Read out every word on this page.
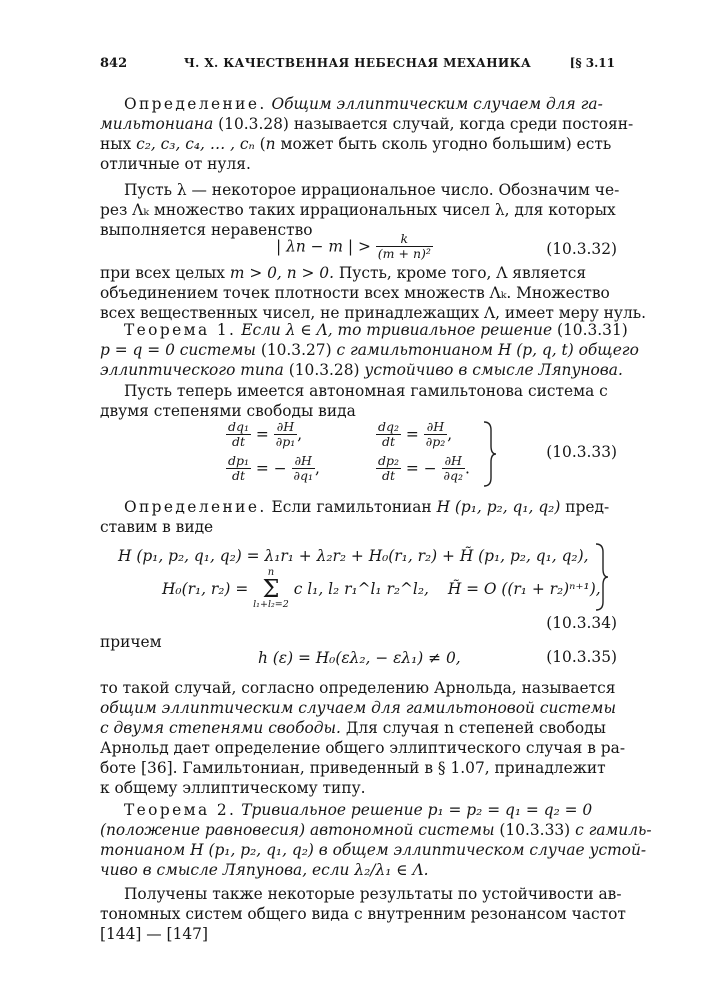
842	Ч. X. КАЧЕСТВЕННАЯ НЕБЕСНАЯ МЕХАНИКА	[§ 3.11
Определение. Общим эллиптическим случаем для га-
мильтониана (10.3.28) называется случай, когда среди постоян-
ных c₂, c₃, c₄, … , cₙ (n может быть сколь угодно большим) есть
отличные от нуля.
Пусть λ — некоторое иррациональное число. Обозначим че-
рез Λₖ множество таких иррациональных чисел λ, для которых
выполняется неравенство
| λn − m | > $\frac{k}{\text{(m + n)²}}$	(10.3.32)
при всех целых m > 0, n > 0. Пусть, кроме того, Λ является
объединением точек плотности всех множеств Λₖ. Множество
всех вещественных чисел, не принадлежащих Λ, имеет меру нуль.
Теорема 1. Если λ ∈ Λ, то тривиальное решение (10.3.31)
p = q = 0 системы (10.3.27) с гамильтонианом H (p, q, t) общего
эллиптического типа (10.3.28) устойчиво в смысле Ляпунова.
Пусть теперь имеется автономная гамильтонова система с
двумя степенями свободы вида
$\frac{\text{dq₁}}{dt} = \frac{\partial H}{\text{∂p₁}}$ ,	$\frac{\text{dq₂}}{dt} = \frac{\partial H}{\text{∂p₂}}$ ,
$\frac{\text{dp₁}}{dt}$ = − $\frac{\partial H}{\text{∂q₁}}$ ,	$\frac{\text{dp₂}}{dt}$ = − $\frac{\partial H}{\text{∂q₂}}$ .
(10.3.33)
Определение. Если гамильтониан H (p₁, p₂, q₁, q₂) пред-
ставим в виде
H (p₁, p₂, q₁, q₂) = λ₁r₁ + λ₂r₂ + H₀(r₁, r₂) + H̃ (p₁, p₂, q₁, q₂),
H₀(r₁, r₂) =
n
Σ
l₁+l₂=2
c l₁, l₂ r₁^l₁ r₂^l₂, H̃ = O ((r₁ + r₂)ⁿ⁺¹),
(10.3.34)
причем
h (ε) = H₀(ελ₂, − ελ₁) ≠ 0,	(10.3.35)
то такой случай, согласно определению Арнольда, называется
общим эллиптическим случаем для гамильтоновой системы
с двумя степенями свободы. Для случая n степеней свободы
Арнольд дает определение общего эллиптического случая в ра-
боте [36]. Гамильтониан, приведенный в § 1.07, принадлежит
к общему эллиптическому типу.
Теорема 2. Тривиальное решение p₁ = p₂ = q₁ = q₂ = 0
(положение равновесия) автономной системы (10.3.33) с гамиль-
тонианом H (p₁, p₂, q₁, q₂) в общем эллиптическом случае устой-
чиво в смысле Ляпунова, если λ₂/λ₁ ∈ Λ.
Получены также некоторые результаты по устойчивости ав-
тономных систем общего вида с внутренним резонансом частот
[144] — [147]
